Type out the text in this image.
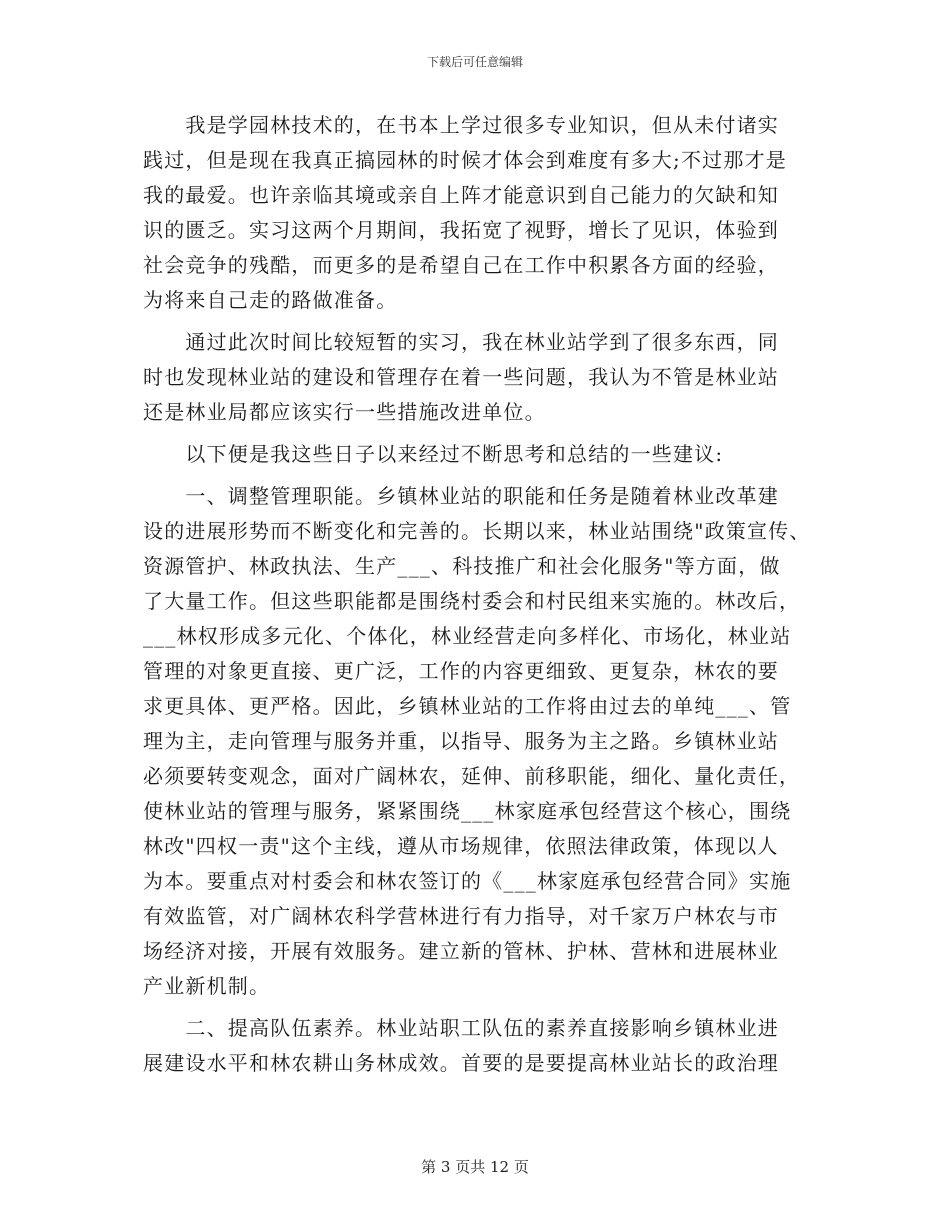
下载后可任意编辑
　　我是学园林技术的，在书本上学过很多专业知识，但从未付诸实
践过，但是现在我真正搞园林的时候才体会到难度有多大;不过那才是
我的最爱。也许亲临其境或亲自上阵才能意识到自己能力的欠缺和知
识的匮乏。实习这两个月期间，我拓宽了视野，增长了见识，体验到
社会竞争的残酷，而更多的是希望自己在工作中积累各方面的经验，
为将来自己走的路做准备。
　　通过此次时间比较短暂的实习，我在林业站学到了很多东西，同
时也发现林业站的建设和管理存在着一些问题，我认为不管是林业站
还是林业局都应该实行一些措施改进单位。
　　以下便是我这些日子以来经过不断思考和总结的一些建议:
　　一、调整管理职能。乡镇林业站的职能和任务是随着林业改革建
设的进展形势而不断变化和完善的。长期以来，林业站围绕"政策宣传、
资源管护、林政执法、生产___、科技推广和社会化服务"等方面，做
了大量工作。但这些职能都是围绕村委会和村民组来实施的。林改后，
___林权形成多元化、个体化，林业经营走向多样化、市场化，林业站
管理的对象更直接、更广泛，工作的内容更细致、更复杂，林农的要
求更具体、更严格。因此，乡镇林业站的工作将由过去的单纯___、管
理为主，走向管理与服务并重，以指导、服务为主之路。乡镇林业站
必须要转变观念，面对广阔林农，延伸、前移职能，细化、量化责任，
使林业站的管理与服务，紧紧围绕___林家庭承包经营这个核心，围绕
林改"四权一责"这个主线，遵从市场规律，依照法律政策，体现以人
为本。要重点对村委会和林农签订的《___林家庭承包经营合同》实施
有效监管，对广阔林农科学营林进行有力指导，对千家万户林农与市
场经济对接，开展有效服务。建立新的管林、护林、营林和进展林业
产业新机制。
　　二、提高队伍素养。林业站职工队伍的素养直接影响乡镇林业进
展建设水平和林农耕山务林成效。首要的是要提高林业站长的政治理
第 3 页共 12 页
